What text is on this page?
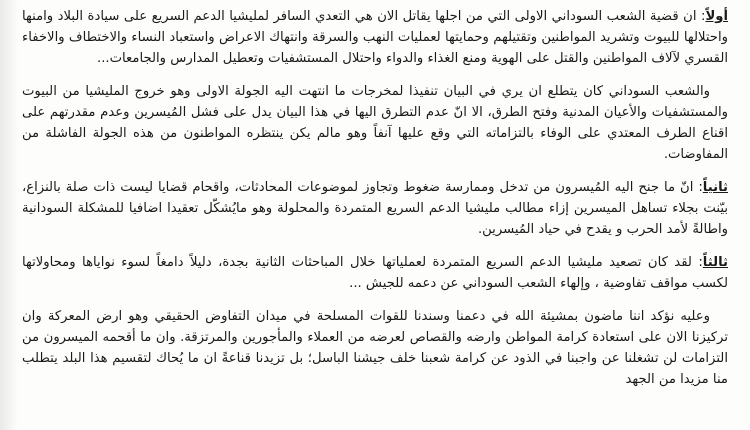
أولاً: ان قضية الشعب السوداني الاولى التي من اجلها يقاتل الان هي التعدي السافر لمليشيا الدعم السريع على سيادة البلاد وامنها واحتلالها للبيوت وتشريد المواطنين وتقتيلهم وحمايتها لعمليات النهب والسرقة وانتهاك الاعراض واستعباد النساء والاختطاف والاخفاء القسري لآلاف المواطنين والقتل على الهوية ومنع الغذاء والدواء واحتلال المستشفيات وتعطيل المدارس والجامعات...

والشعب السوداني كان يتطلع ان يري في البيان تنفيذا لمخرجات ما انتهت اليه الجولة الاولى وهو خروج المليشيا من البيوت والمستشفيات والأعيان المدنية وفتح الطرق، الا انّ عدم التطرق اليها في هذا البيان يدل على فشل المُيسرين وعدم مقدرتهم على اقناع الطرف المعتدي على الوفاء بالتزاماته التي وقع عليها آنفاً وهو مالم يكن ينتظره المواطنون من هذه الجولة الفاشلة من المفاوضات.

ثانياً: انّ ما جنح اليه المُيسرون من تدخل وممارسة ضغوط وتجاوز لموضوعات المحادثات، واقحام قضايا ليست ذات صلة بالنزاع، بيّنت بجلاء تساهل الميسرين إزاء مطالب مليشيا الدعم السريع المتمردة والمحلولة وهو مايُشكّل تعقيدا اضافيا للمشكلة السودانية واطالةً لأمد الحرب و يقدح في حياد المُيسرين.

ثالثاً: لقد كان تصعيد مليشيا الدعم السريع المتمردة لعملياتها خلال المباحثات الثانية بجدة، دليلاً دامغاً لسوء نواياها ومحاولاتها لكسب مواقف تفاوضية ، وإلهاء الشعب السوداني عن دعمه للجيش ...

وعليه نؤكد اننا ماضون بمشيئة الله في دعمنا وسندنا للقوات المسلحة في ميدان التفاوض الحقيقي وهو ارض المعركة وان تركيزنا الان على استعادة كرامة المواطن وارضه والقصاص لعرضه من العملاء والمأجورين والمرتزقة. وان ما أقحمه الميسرون من التزامات لن تشغلنا عن واجبنا في الذود عن كرامة شعبنا خلف جيشنا الباسل؛ بل تزيدنا قناعةً ان ما يُحاك لتقسيم هذا البلد يتطلب منا مزيدا من الجهد
